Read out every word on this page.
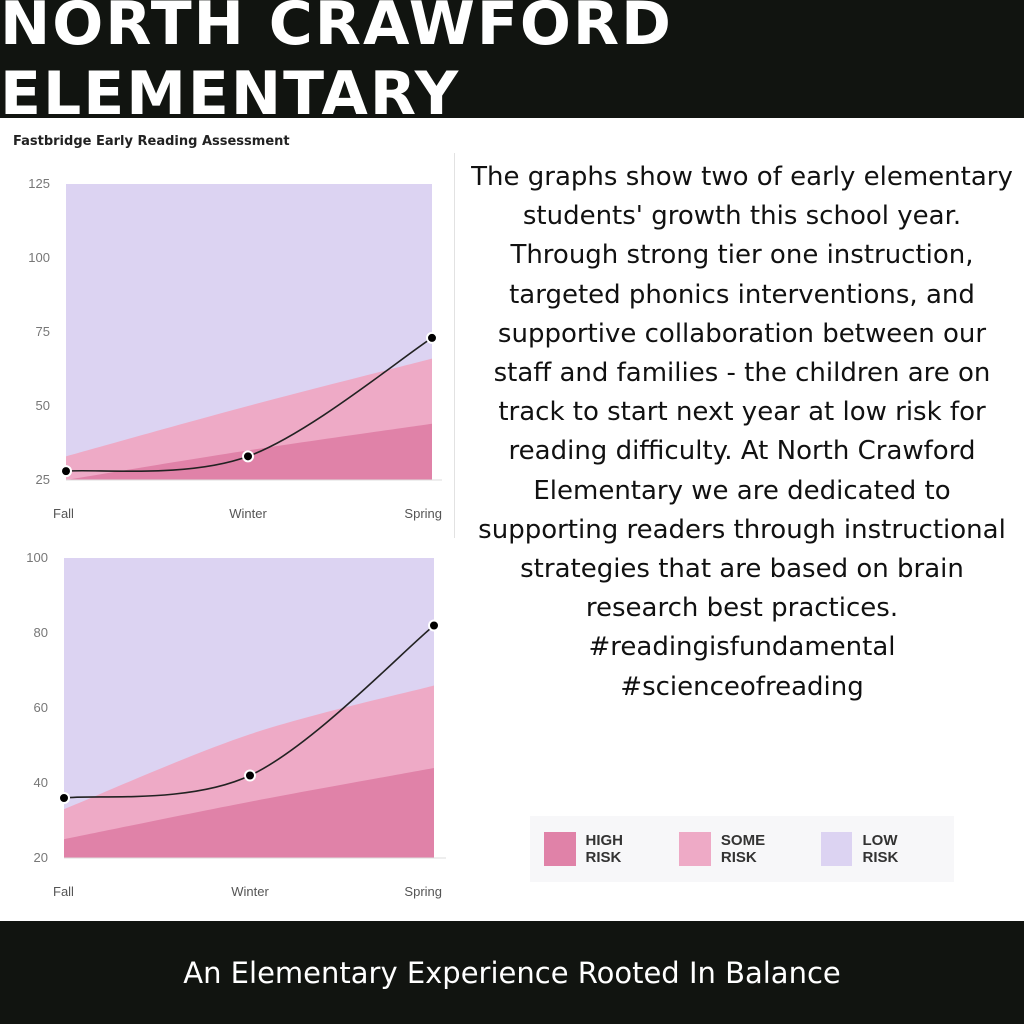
NORTH CRAWFORD ELEMENTARY

Fastbridge Early Reading Assessment

25
50
75
100
125
Fall	Winter	Spring
20
40
60
80
100
Fall	Winter	Spring

The graphs show two of early elementary students' growth this school year. Through strong tier one instruction, targeted phonics interventions, and supportive collaboration between our staff and families - the children are on track to start next year at low risk for reading difficulty. At North Crawford Elementary we are dedicated to supporting readers through instructional strategies that are based on brain research best practices. #readingisfundamental #scienceofreading

HIGH RISK
SOME RISK
LOW RISK
An Elementary Experience Rooted In Balance
